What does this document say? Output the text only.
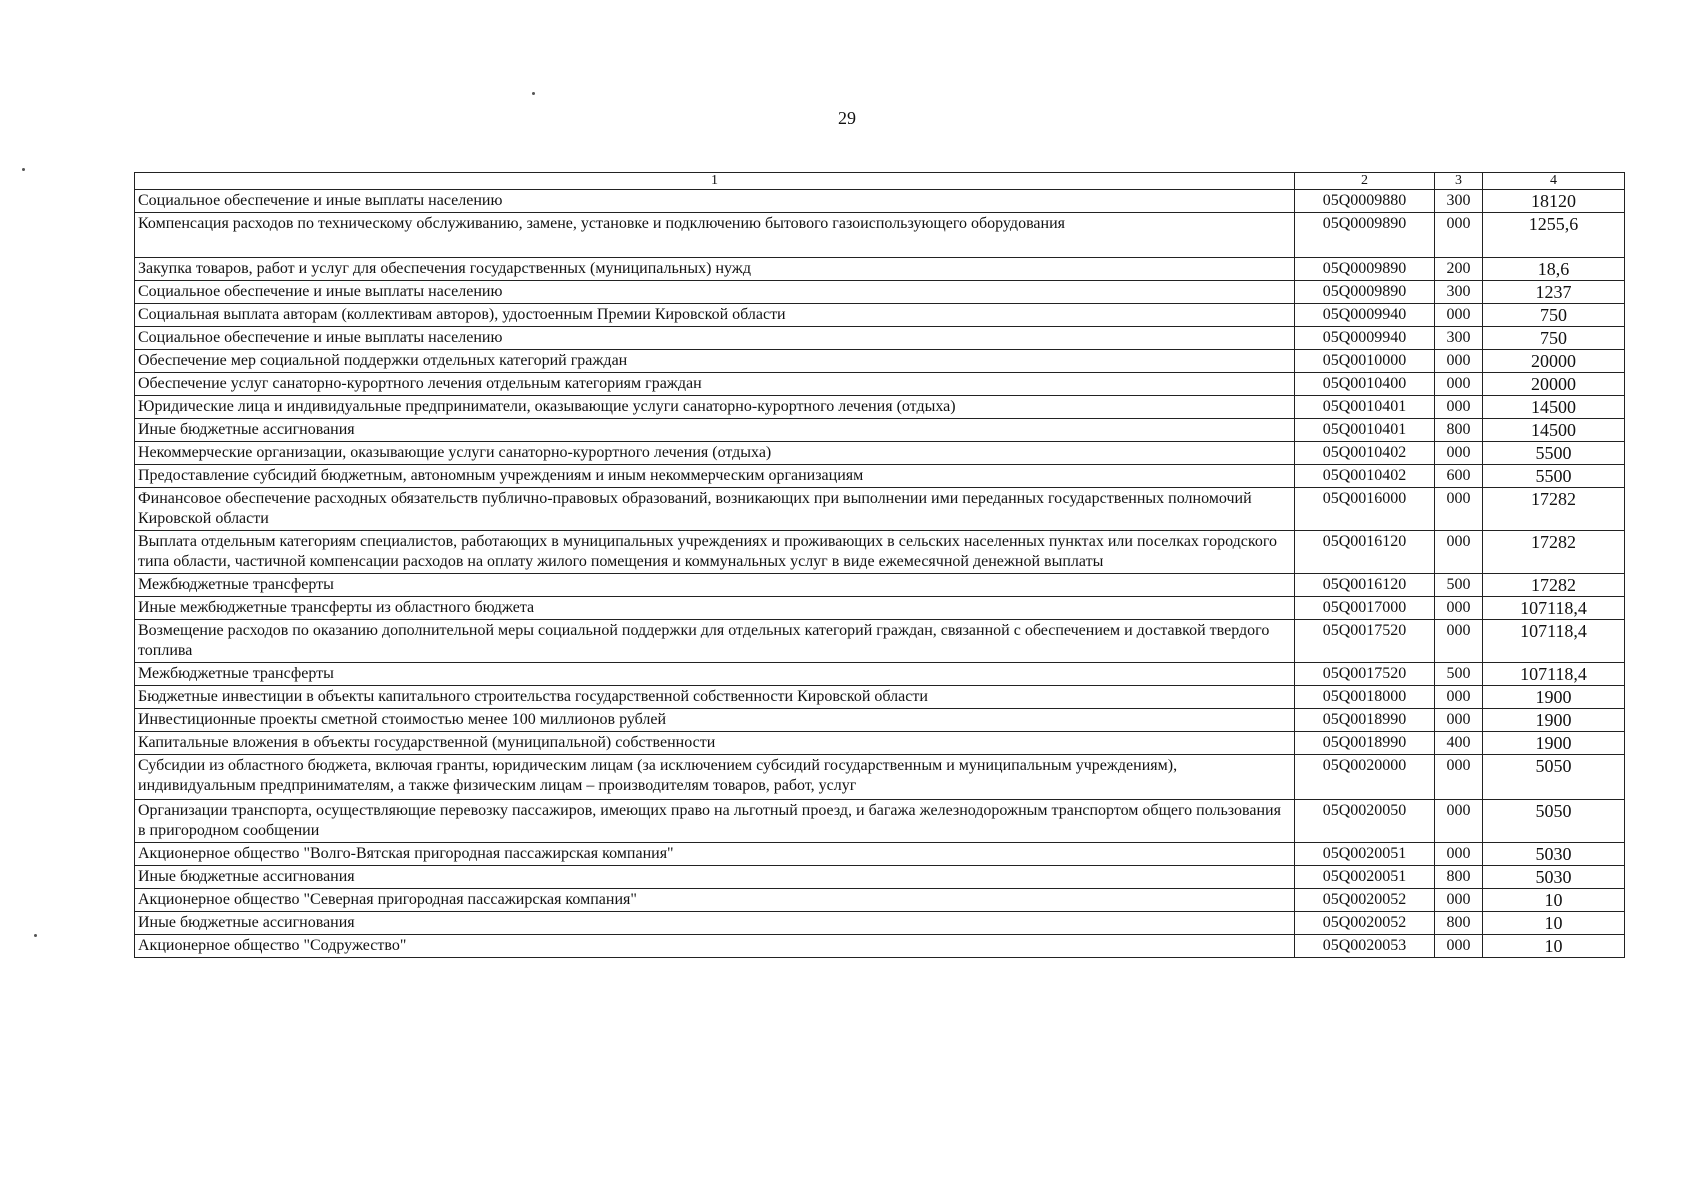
29
1	2	3	4
Социальное обеспечение и иные выплаты населению	05Q0009880	300	18120
Компенсация расходов по техническому обслуживанию, замене, установке и подключению бытового газоиспользующего оборудования	05Q0009890	000	1255,6
Закупка товаров, работ и услуг для обеспечения государственных (муниципальных) нужд	05Q0009890	200	18,6
Социальное обеспечение и иные выплаты населению	05Q0009890	300	1237
Социальная выплата авторам (коллективам авторов), удостоенным Премии Кировской области	05Q0009940	000	750
Социальное обеспечение и иные выплаты населению	05Q0009940	300	750
Обеспечение мер социальной поддержки отдельных категорий граждан	05Q0010000	000	20000
Обеспечение услуг санаторно-курортного лечения отдельным категориям граждан	05Q0010400	000	20000
Юридические лица и индивидуальные предприниматели, оказывающие услуги санаторно-курортного лечения (отдыха)	05Q0010401	000	14500
Иные бюджетные ассигнования	05Q0010401	800	14500
Некоммерческие организации, оказывающие услуги санаторно-курортного лечения (отдыха)	05Q0010402	000	5500
Предоставление субсидий бюджетным, автономным учреждениям и иным некоммерческим организациям	05Q0010402	600	5500
Финансовое обеспечение расходных обязательств публично-правовых образований, возникающих при выполнении ими переданных государственных полномочий Кировской области	05Q0016000	000	17282
Выплата отдельным категориям специалистов, работающих в муниципальных учреждениях и проживающих в сельских населенных пунктах или поселках городского типа области, частичной компенсации расходов на оплату жилого помещения и коммунальных услуг в виде ежемесячной денежной выплаты	05Q0016120	000	17282
Межбюджетные трансферты	05Q0016120	500	17282
Иные межбюджетные трансферты из областного бюджета	05Q0017000	000	107118,4
Возмещение расходов по оказанию дополнительной меры социальной поддержки для отдельных категорий граждан, связанной с обеспечением и доставкой твердого топлива	05Q0017520	000	107118,4
Межбюджетные трансферты	05Q0017520	500	107118,4
Бюджетные инвестиции в объекты капитального строительства государственной собственности Кировской области	05Q0018000	000	1900
Инвестиционные проекты сметной стоимостью менее 100 миллионов рублей	05Q0018990	000	1900
Капитальные вложения в объекты государственной (муниципальной) собственности	05Q0018990	400	1900
Субсидии из областного бюджета, включая гранты, юридическим лицам (за исключением субсидий государственным и муниципальным учреждениям), индивидуальным предпринимателям, а также физическим лицам – производителям товаров, работ, услуг	05Q0020000	000	5050
Организации транспорта, осуществляющие перевозку пассажиров, имеющих право на льготный проезд, и багажа железнодорожным транспортом общего пользования в пригородном сообщении	05Q0020050	000	5050
Акционерное общество "Волго-Вятская пригородная пассажирская компания"	05Q0020051	000	5030
Иные бюджетные ассигнования	05Q0020051	800	5030
Акционерное общество "Северная пригородная пассажирская компания"	05Q0020052	000	10
Иные бюджетные ассигнования	05Q0020052	800	10
Акционерное общество "Содружество"	05Q0020053	000	10
